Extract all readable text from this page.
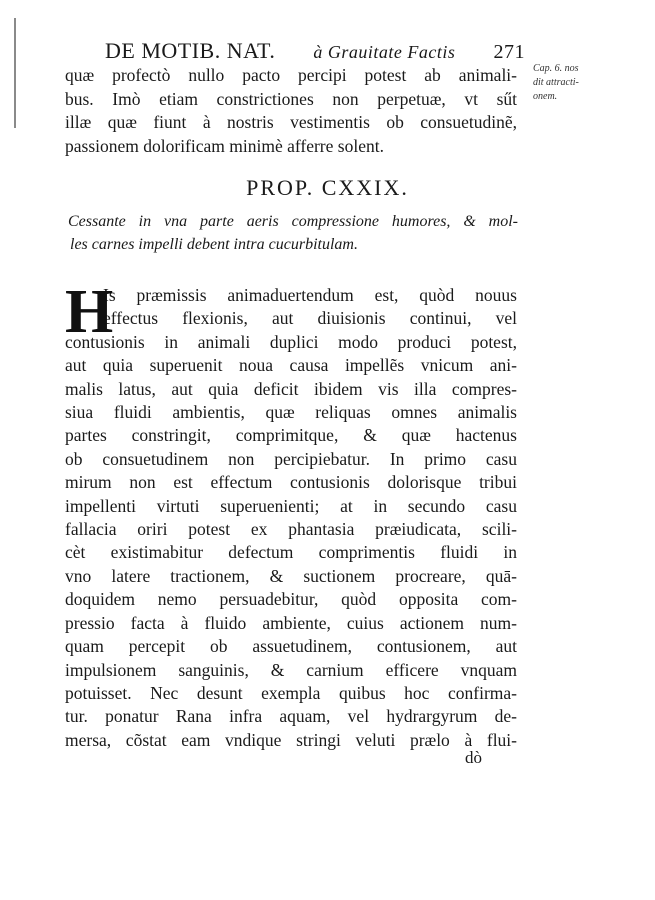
DE MOTIB. NAT. à Grauitate Factis 271
Cap. 6. nos
dit attracti-
onem.
quæ profectò nullo pacto percipi potest ab animali-
bus. Imò etiam constrictiones non perpetuæ, vt sűt
illæ quæ fiunt à nostris vestimentis ob consuetudinẽ,
passionem dolorificam minimè afferre solent.
PROP. CXXIX.
Cessante in vna parte aeris compressione humores, & mol-
les carnes impelli debent intra cucurbitulam.
H
Is præmissis animaduertendum est, quòd nouus
effectus flexionis, aut diuisionis continui, vel
contusionis in animali duplici modo produci potest,
aut quia superuenit noua causa impellẽs vnicum ani-
malis latus, aut quia deficit ibidem vis illa compres-
siua fluidi ambientis, quæ reliquas omnes animalis
partes constringit, comprimitque, & quæ hactenus
ob consuetudinem non percipiebatur. In primo casu
mirum non est effectum contusionis dolorisque tribui
impellenti virtuti superuenienti; at in secundo casu
fallacia oriri potest ex phantasia præiudicata, scili-
cèt existimabitur defectum comprimentis fluidi in
vno latere tractionem, & suctionem procreare, quā-
doquidem nemo persuadebitur, quòd opposita com-
pressio facta à fluido ambiente, cuius actionem num-
quam percepit ob assuetudinem, contusionem, aut
impulsionem sanguinis, & carnium efficere vnquam
potuisset. Nec desunt exempla quibus hoc confirma-
tur. ponatur Rana infra aquam, vel hydrargyrum de-
mersa, cõstat eam vndique stringi veluti prælo à flui-
dò
